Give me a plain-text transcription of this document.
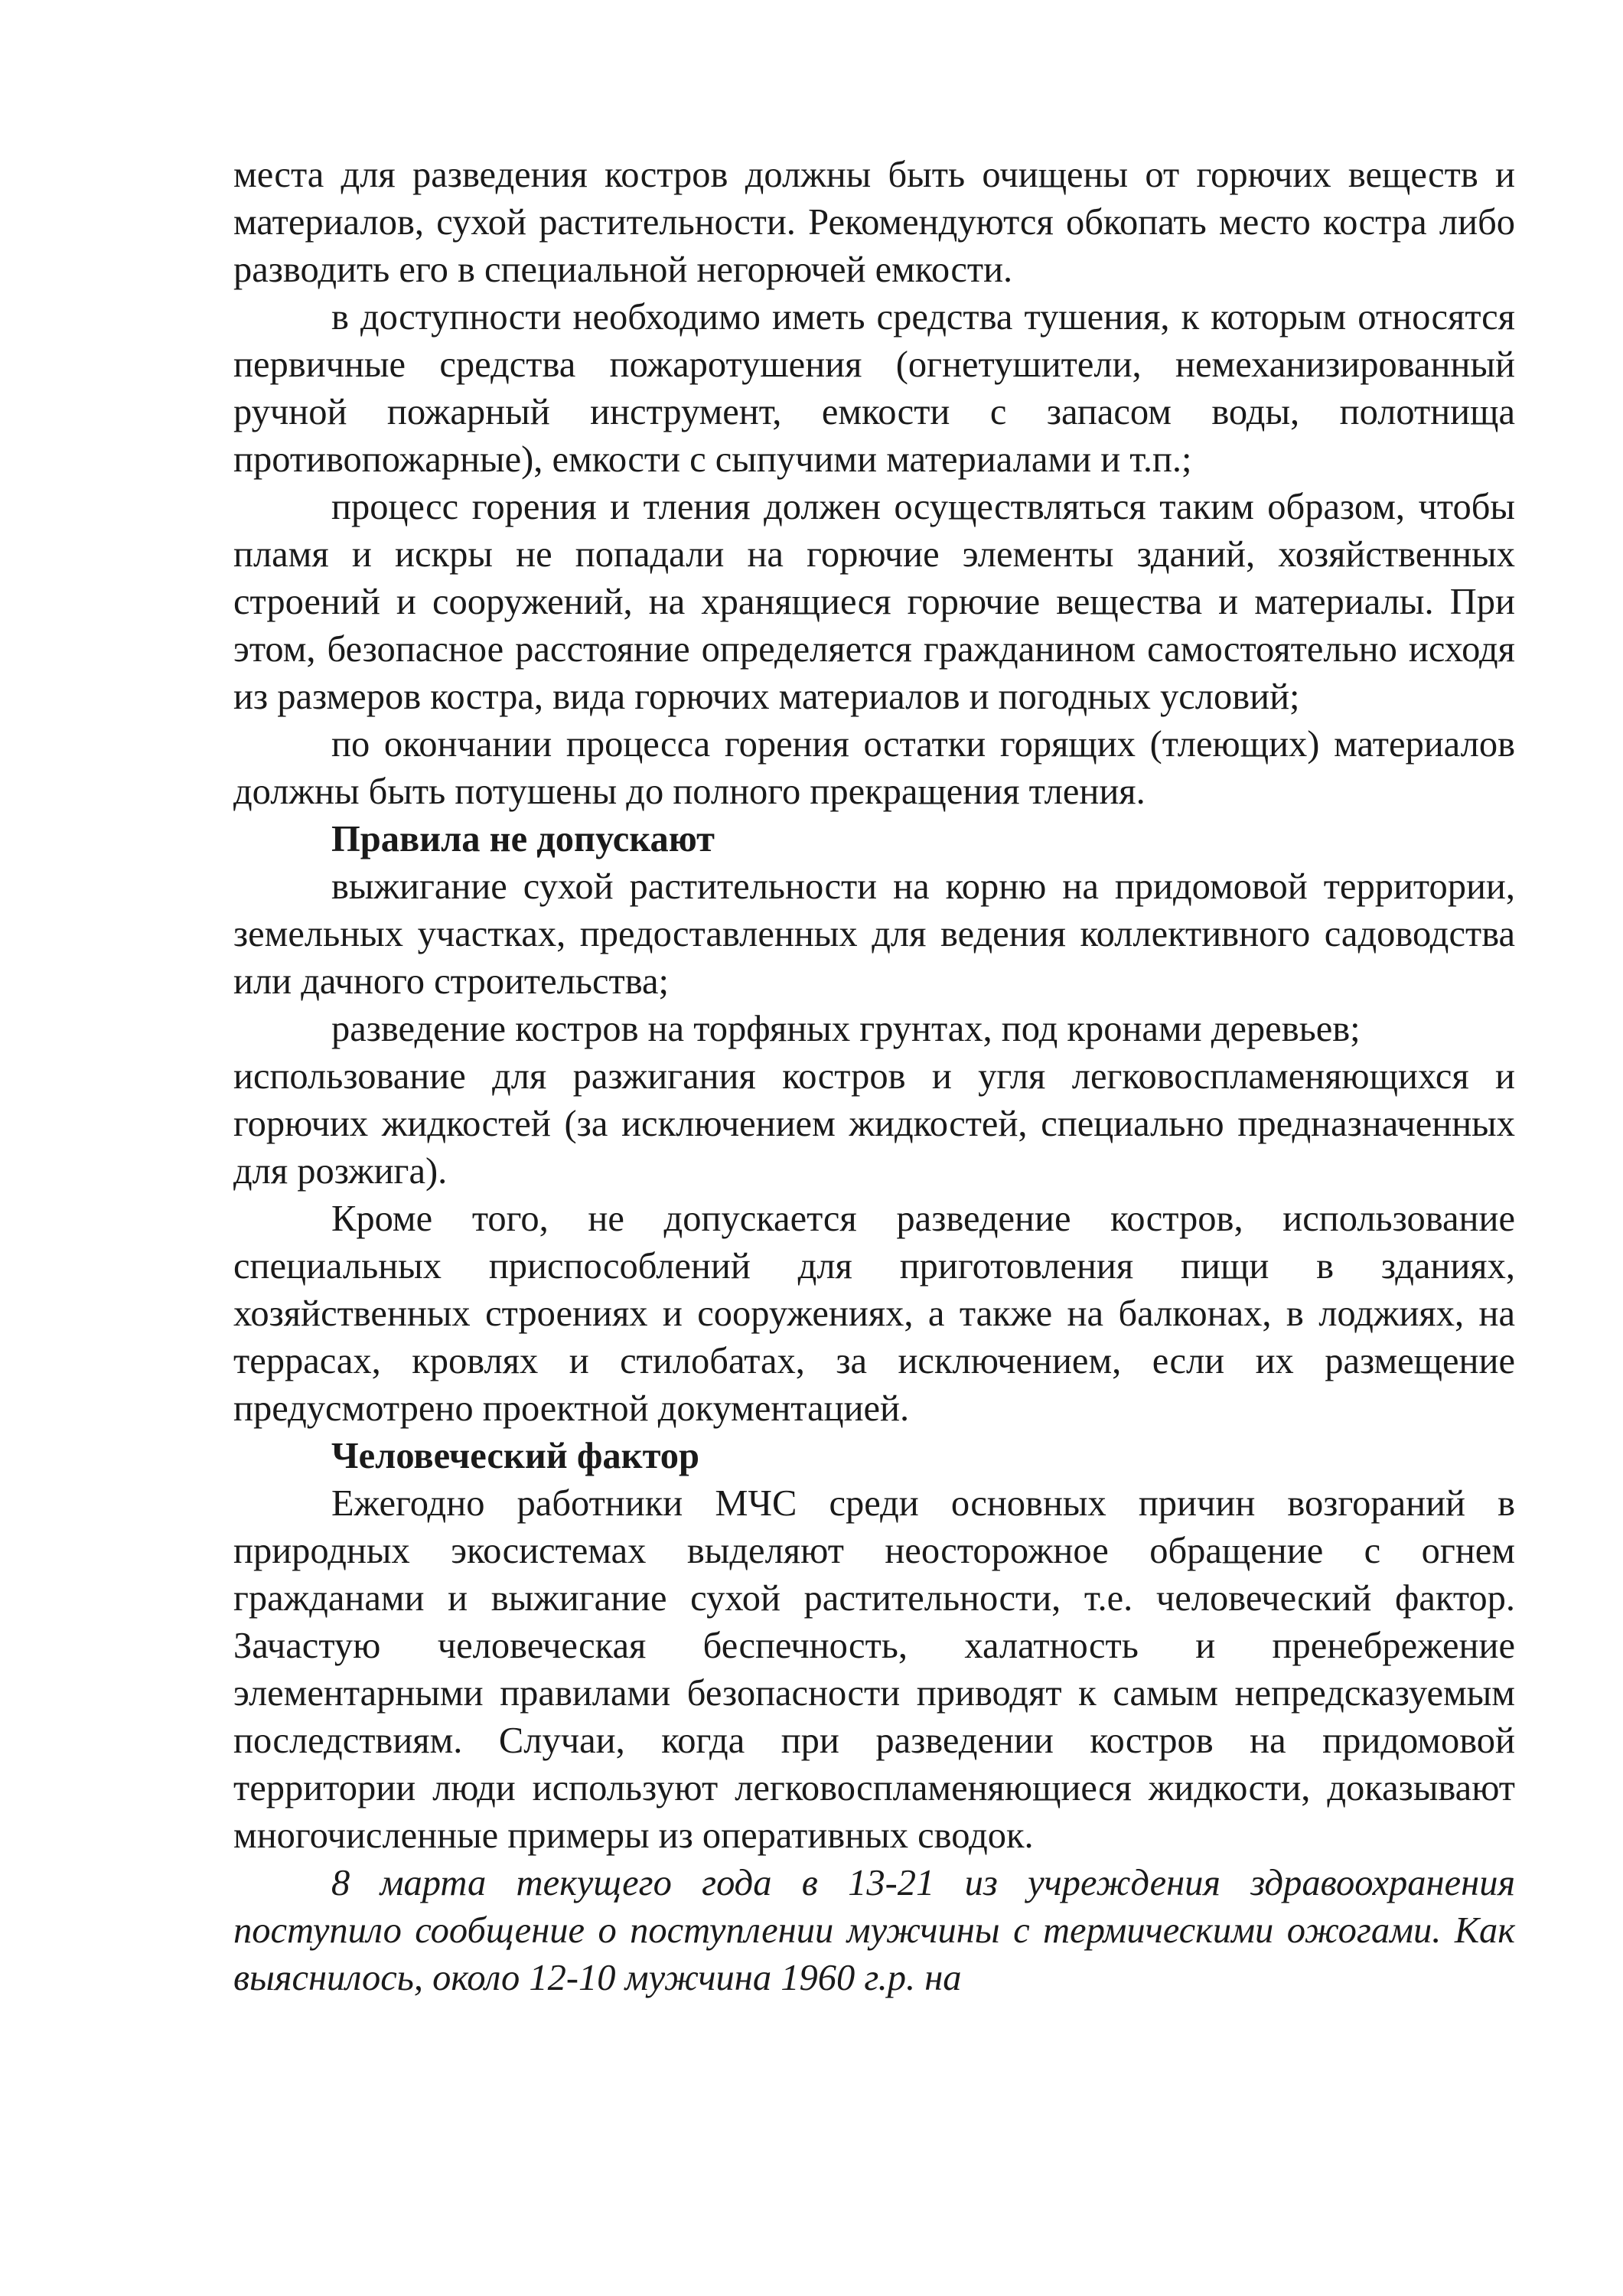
места для разведения костров должны быть очищены от горючих веществ и материалов, сухой растительности. Рекомендуются обкопать место костра либо разводить его в специальной негорючей емкости.

в доступности необходимо иметь средства тушения, к которым относятся первичные средства пожаротушения (огнетушители, немеханизированный ручной пожарный инструмент, емкости с запасом воды, полотнища противопожарные), емкости с сыпучими материалами и т.п.;

процесс горения и тления должен осуществляться таким образом, чтобы пламя и искры не попадали на горючие элементы зданий, хозяйственных строений и сооружений, на хранящиеся горючие вещества и материалы. При этом, безопасное расстояние определяется гражданином самостоятельно исходя из размеров костра, вида горючих материалов и погодных условий;

по окончании процесса горения остатки горящих (тлеющих) материалов должны быть потушены до полного прекращения тления.

Правила не допускают

выжигание сухой растительности на корню на придомовой территории, земельных участках, предоставленных для ведения коллективного садоводства или дачного строительства;

разведение костров на торфяных грунтах, под кронами деревьев;

использование для разжигания костров и угля легковоспламеняющихся и горючих жидкостей (за исключением жидкостей, специально предназначенных для розжига).

Кроме того, не допускается разведение костров, использование специальных приспособлений для приготовления пищи в зданиях, хозяйственных строениях и сооружениях, а также на балконах, в лоджиях, на террасах, кровлях и стилобатах, за исключением, если их размещение предусмотрено проектной документацией.

Человеческий фактор

Ежегодно работники МЧС среди основных причин возгораний в природных экосистемах выделяют неосторожное обращение с огнем гражданами и выжигание сухой растительности, т.е. человеческий фактор. Зачастую человеческая беспечность, халатность и пренебрежение элементарными правилами безопасности приводят к самым непредсказуемым последствиям. Случаи, когда при разведении костров на придомовой территории люди используют легковоспламеняющиеся жидкости, доказывают многочисленные примеры из оперативных сводок.

8 марта текущего года в 13-21 из учреждения здравоохранения поступило сообщение о поступлении мужчины с термическими ожогами. Как выяснилось, около 12-10 мужчина 1960 г.р. на
